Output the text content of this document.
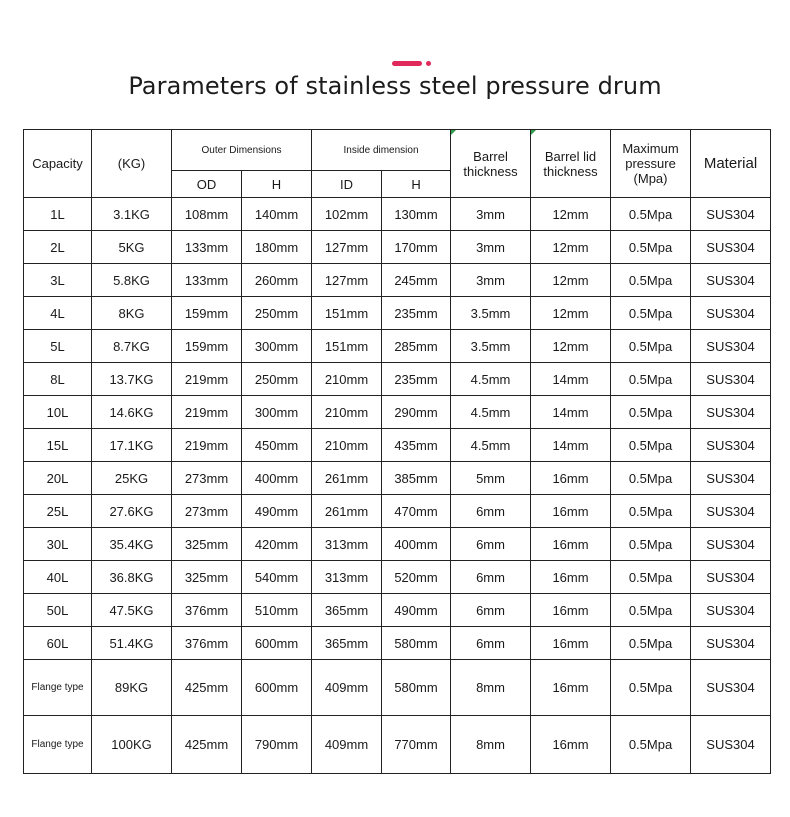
Parameters of stainless steel pressure drum
Capacity	(KG)	Outer Dimensions		Inside dimension		Barrel thickness	Barrel lid thickness	Maximum pressure (Mpa)	Material
		OD	H	ID	H				
1L	3.1KG	108mm	140mm	102mm	130mm	3mm	12mm	0.5Mpa	SUS304
2L	5KG	133mm	180mm	127mm	170mm	3mm	12mm	0.5Mpa	SUS304
3L	5.8KG	133mm	260mm	127mm	245mm	3mm	12mm	0.5Mpa	SUS304
4L	8KG	159mm	250mm	151mm	235mm	3.5mm	12mm	0.5Mpa	SUS304
5L	8.7KG	159mm	300mm	151mm	285mm	3.5mm	12mm	0.5Mpa	SUS304
8L	13.7KG	219mm	250mm	210mm	235mm	4.5mm	14mm	0.5Mpa	SUS304
10L	14.6KG	219mm	300mm	210mm	290mm	4.5mm	14mm	0.5Mpa	SUS304
15L	17.1KG	219mm	450mm	210mm	435mm	4.5mm	14mm	0.5Mpa	SUS304
20L	25KG	273mm	400mm	261mm	385mm	5mm	16mm	0.5Mpa	SUS304
25L	27.6KG	273mm	490mm	261mm	470mm	6mm	16mm	0.5Mpa	SUS304
30L	35.4KG	325mm	420mm	313mm	400mm	6mm	16mm	0.5Mpa	SUS304
40L	36.8KG	325mm	540mm	313mm	520mm	6mm	16mm	0.5Mpa	SUS304
50L	47.5KG	376mm	510mm	365mm	490mm	6mm	16mm	0.5Mpa	SUS304
60L	51.4KG	376mm	600mm	365mm	580mm	6mm	16mm	0.5Mpa	SUS304
Flange type	89KG	425mm	600mm	409mm	580mm	8mm	16mm	0.5Mpa	SUS304
Flange type	100KG	425mm	790mm	409mm	770mm	8mm	16mm	0.5Mpa	SUS304
